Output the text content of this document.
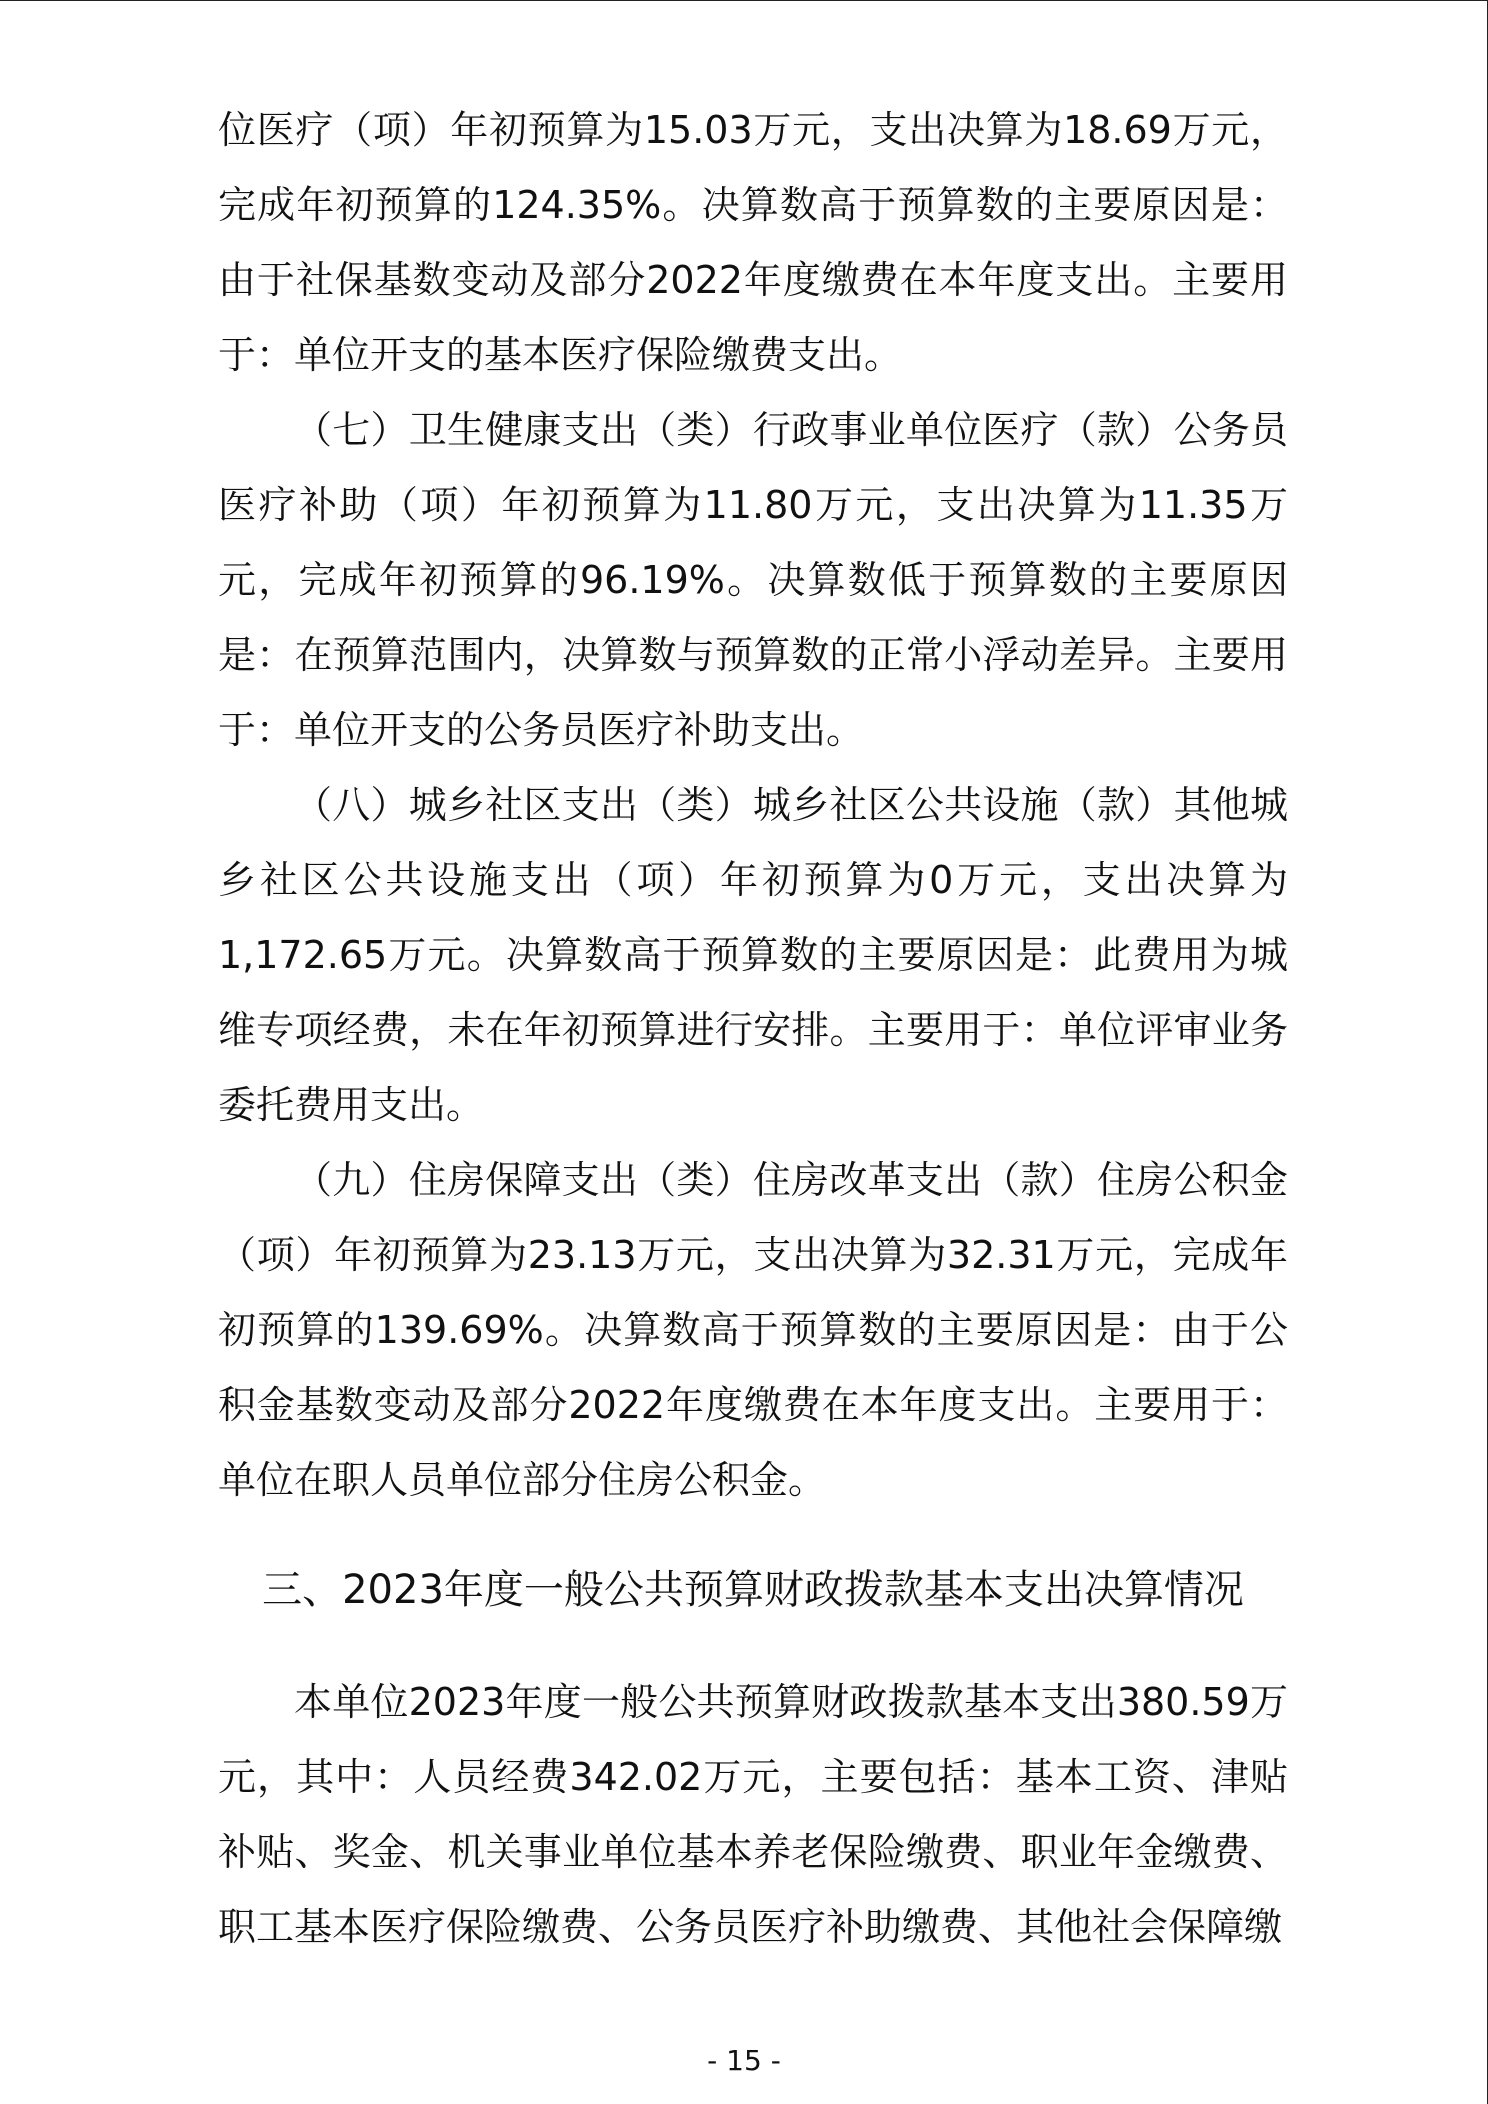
位医疗（项）年初预算为15.03万元，支出决算为18.69万元，完成年初预算的124.35%。决算数高于预算数的主要原因是：由于社保基数变动及部分2022年度缴费在本年度支出。主要用于：单位开支的基本医疗保险缴费支出。

（七）卫生健康支出（类）行政事业单位医疗（款）公务员医疗补助（项）年初预算为11.80万元，支出决算为11.35万元，完成年初预算的96.19%。决算数低于预算数的主要原因是：在预算范围内，决算数与预算数的正常小浮动差异。主要用于：单位开支的公务员医疗补助支出。

（八）城乡社区支出（类）城乡社区公共设施（款）其他城乡社区公共设施支出（项）年初预算为0万元，支出决算为1,172.65万元。决算数高于预算数的主要原因是：此费用为城维专项经费，未在年初预算进行安排。主要用于：单位评审业务委托费用支出。

（九）住房保障支出（类）住房改革支出（款）住房公积金（项）年初预算为23.13万元，支出决算为32.31万元，完成年初预算的139.69%。决算数高于预算数的主要原因是：由于公积金基数变动及部分2022年度缴费在本年度支出。主要用于：单位在职人员单位部分住房公积金。

三、2023年度一般公共预算财政拨款基本支出决算情况

本单位2023年度一般公共预算财政拨款基本支出380.59万元，其中：人员经费342.02万元，主要包括：基本工资、津贴补贴、奖金、机关事业单位基本养老保险缴费、职业年金缴费、职工基本医疗保险缴费、公务员医疗补助缴费、其他社会保障缴

- 15 -
